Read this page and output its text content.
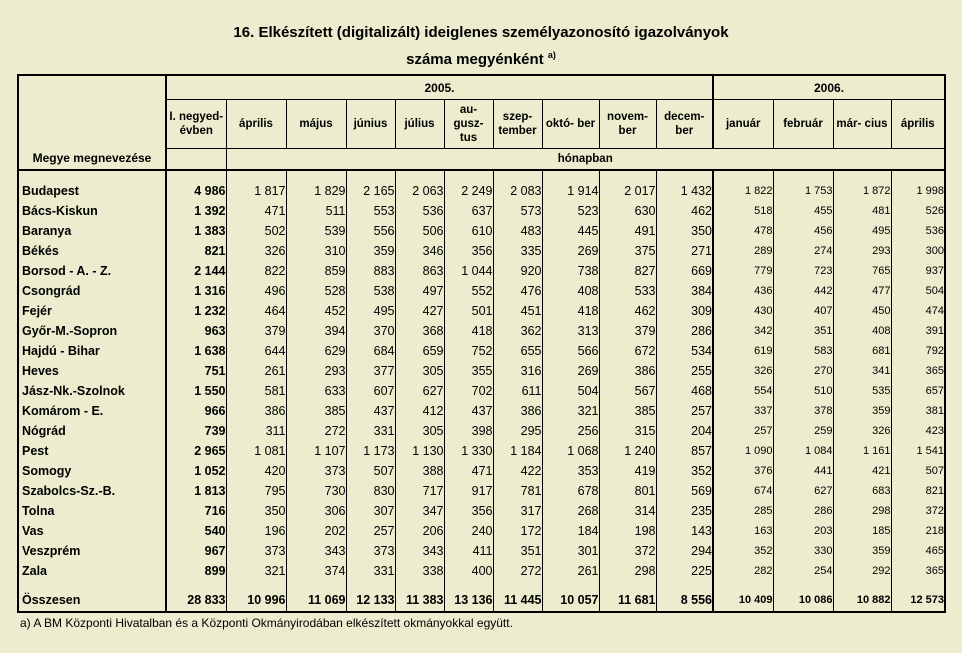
16. Elkészített (digitalizált) ideiglenes személyazonosító igazolványok
száma megyénként $^{a)}$
Megye megnevezése	2005.										2006.			
	I. negyed- évben	április	május	június	július	au- gusz- tus	szep- tember	októ- ber	novem- ber	decem- ber	január	február	már- cius	április
		hónapban												
Budapest	4 986	1 817	1 829	2 165	2 063	2 249	2 083	1 914	2 017	1 432	1 822	1 753	1 872	1 998
Bács-Kiskun	1 392	471	511	553	536	637	573	523	630	462	518	455	481	526
Baranya	1 383	502	539	556	506	610	483	445	491	350	478	456	495	536
Békés	821	326	310	359	346	356	335	269	375	271	289	274	293	300
Borsod - A. - Z.	2 144	822	859	883	863	1 044	920	738	827	669	779	723	765	937
Csongrád	1 316	496	528	538	497	552	476	408	533	384	436	442	477	504
Fejér	1 232	464	452	495	427	501	451	418	462	309	430	407	450	474
Győr-M.-Sopron	963	379	394	370	368	418	362	313	379	286	342	351	408	391
Hajdú - Bihar	1 638	644	629	684	659	752	655	566	672	534	619	583	681	792
Heves	751	261	293	377	305	355	316	269	386	255	326	270	341	365
Jász-Nk.-Szolnok	1 550	581	633	607	627	702	611	504	567	468	554	510	535	657
Komárom - E.	966	386	385	437	412	437	386	321	385	257	337	378	359	381
Nógrád	739	311	272	331	305	398	295	256	315	204	257	259	326	423
Pest	2 965	1 081	1 107	1 173	1 130	1 330	1 184	1 068	1 240	857	1 090	1 084	1 161	1 541
Somogy	1 052	420	373	507	388	471	422	353	419	352	376	441	421	507
Szabolcs-Sz.-B.	1 813	795	730	830	717	917	781	678	801	569	674	627	683	821
Tolna	716	350	306	307	347	356	317	268	314	235	285	286	298	372
Vas	540	196	202	257	206	240	172	184	198	143	163	203	185	218
Veszprém	967	373	343	373	343	411	351	301	372	294	352	330	359	465
Zala	899	321	374	331	338	400	272	261	298	225	282	254	292	365

Összesen	28 833	10 996	11 069	12 133	11 383	13 136	11 445	10 057	11 681	8 556	10 409	10 086	10 882	12 573
a) A BM Központi Hivatalban és a Központi Okmányirodában elkészített okmányokkal együtt.
